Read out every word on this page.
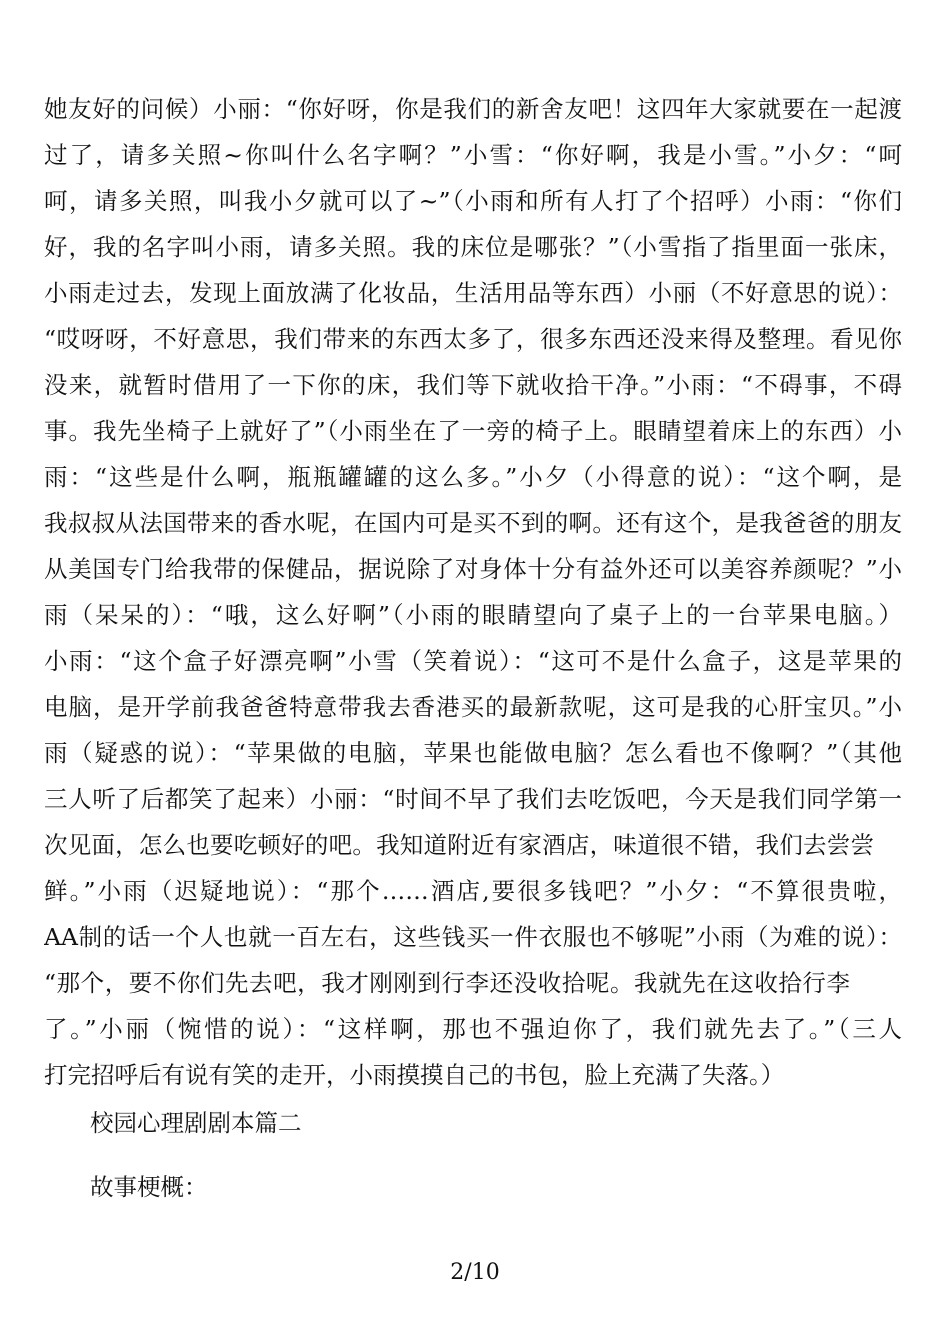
她友好的问候）小丽：“你好呀，你是我们的新舍友吧！这四年大家就要在一起渡
过了，请多关照~你叫什么名字啊？”小雪：“你好啊，我是小雪。”小夕：“呵
呵，请多关照，叫我小夕就可以了~”（小雨和所有人打了个招呼）小雨：“你们
好，我的名字叫小雨，请多关照。我的床位是哪张？”（小雪指了指里面一张床，
小雨走过去，发现上面放满了化妆品，生活用品等东西）小丽（不好意思的说）：
“哎呀呀，不好意思，我们带来的东西太多了，很多东西还没来得及整理。看见你
没来，就暂时借用了一下你的床，我们等下就收拾干净。”小雨：“不碍事，不碍
事。我先坐椅子上就好了”（小雨坐在了一旁的椅子上。眼睛望着床上的东西）小
雨：“这些是什么啊，瓶瓶罐罐的这么多。”小夕（小得意的说）：“这个啊，是
我叔叔从法国带来的香水呢，在国内可是买不到的啊。还有这个，是我爸爸的朋友
从美国专门给我带的保健品，据说除了对身体十分有益外还可以美容养颜呢？”小
雨（呆呆的）：“哦，这么好啊”（小雨的眼睛望向了桌子上的一台苹果电脑。）
小雨：“这个盒子好漂亮啊”小雪（笑着说）：“这可不是什么盒子，这是苹果的
电脑，是开学前我爸爸特意带我去香港买的最新款呢，这可是我的心肝宝贝。”小
雨（疑惑的说）：“苹果做的电脑，苹果也能做电脑？怎么看也不像啊？”（其他
三人听了后都笑了起来）小丽：“时间不早了我们去吃饭吧，今天是我们同学第一
次见面，怎么也要吃顿好的吧。我知道附近有家酒店，味道很不错，我们去尝尝
鲜。”小雨（迟疑地说）：“那个……酒店,要很多钱吧？”小夕：“不算很贵啦，
AA制的话一个人也就一百左右，这些钱买一件衣服也不够呢”小雨（为难的说）：
“那个，要不你们先去吧，我才刚刚到行李还没收拾呢。我就先在这收拾行李
了。”小丽（惋惜的说）：“这样啊，那也不强迫你了，我们就先去了。”（三人
打完招呼后有说有笑的走开，小雨摸摸自己的书包，脸上充满了失落。）
校园心理剧剧本篇二
故事梗概：
2/10
